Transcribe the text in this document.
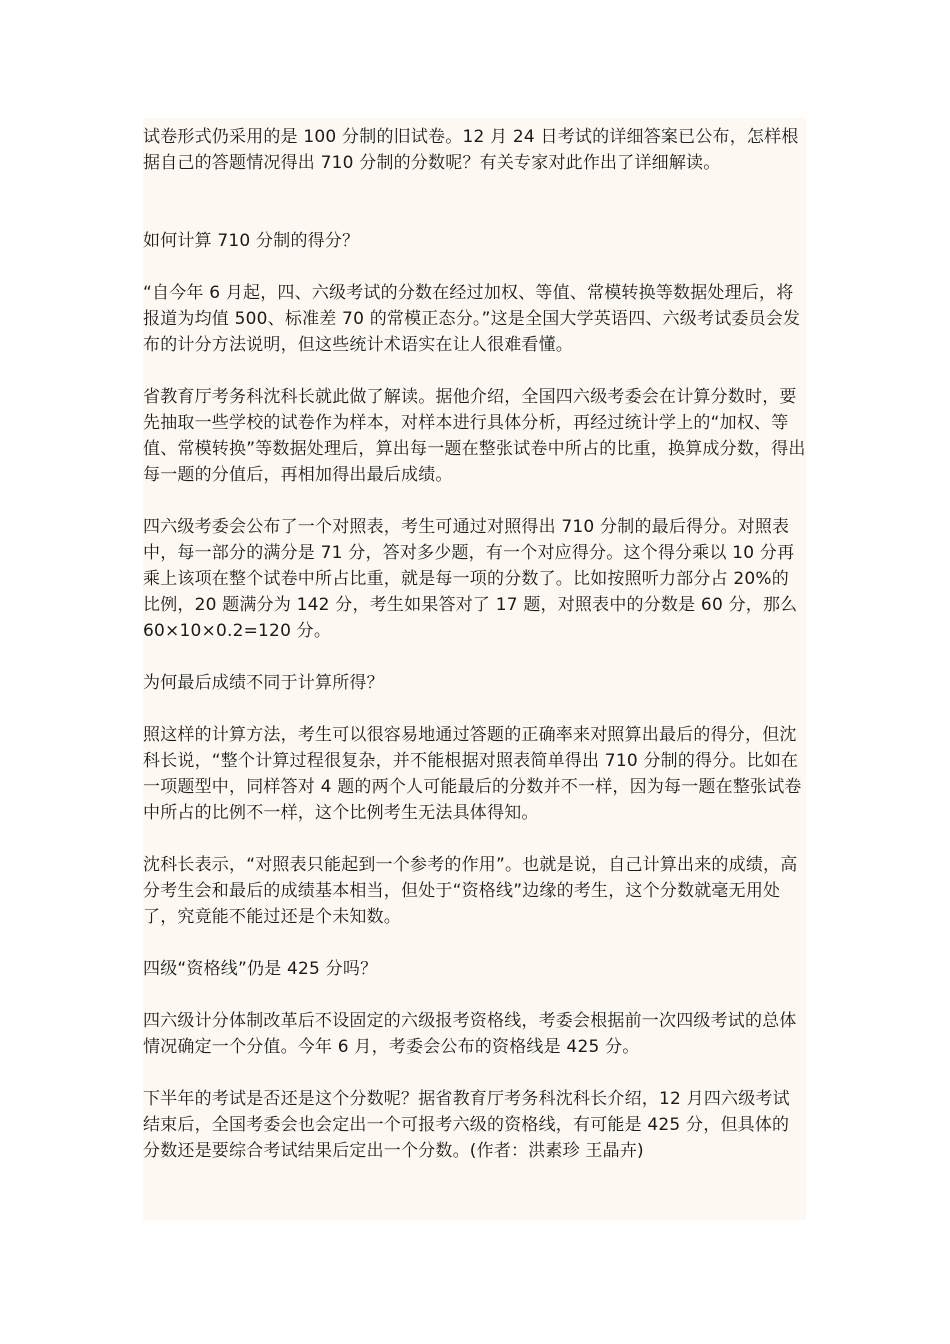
试卷形式仍采用的是 100 分制的旧试卷。12 月 24 日考试的详细答案已公布，怎样根据自己的答题情况得出 710 分制的分数呢？有关专家对此作出了详细解读。

如何计算 710 分制的得分？

“自今年 6 月起，四、六级考试的分数在经过加权、等值、常模转换等数据处理后，将报道为均值 500、标准差 70 的常模正态分。”这是全国大学英语四、六级考试委员会发布的计分方法说明，但这些统计术语实在让人很难看懂。

省教育厅考务科沈科长就此做了解读。据他介绍，全国四六级考委会在计算分数时，要先抽取一些学校的试卷作为样本，对样本进行具体分析，再经过统计学上的“加权、等值、常模转换”等数据处理后，算出每一题在整张试卷中所占的比重，换算成分数，得出每一题的分值后，再相加得出最后成绩。

四六级考委会公布了一个对照表，考生可通过对照得出 710 分制的最后得分。对照表中，每一部分的满分是 71 分，答对多少题，有一个对应得分。这个得分乘以 10 分再乘上该项在整个试卷中所占比重，就是每一项的分数了。比如按照听力部分占 20%的比例，20 题满分为 142 分，考生如果答对了 17 题，对照表中的分数是 60 分，那么 60×10×0.2=120 分。

为何最后成绩不同于计算所得？

照这样的计算方法，考生可以很容易地通过答题的正确率来对照算出最后的得分，但沈科长说，“整个计算过程很复杂，并不能根据对照表简单得出 710 分制的得分。比如在一项题型中，同样答对 4 题的两个人可能最后的分数并不一样，因为每一题在整张试卷中所占的比例不一样，这个比例考生无法具体得知。

沈科长表示，“对照表只能起到一个参考的作用”。也就是说，自己计算出来的成绩，高分考生会和最后的成绩基本相当，但处于“资格线”边缘的考生，这个分数就毫无用处了，究竟能不能过还是个未知数。

四级“资格线”仍是 425 分吗？

四六级计分体制改革后不设固定的六级报考资格线，考委会根据前一次四级考试的总体情况确定一个分值。今年 6 月，考委会公布的资格线是 425 分。

下半年的考试是否还是这个分数呢？据省教育厅考务科沈科长介绍，12 月四六级考试结束后，全国考委会也会定出一个可报考六级的资格线，有可能是 425 分，但具体的分数还是要综合考试结果后定出一个分数。(作者：洪素珍 王晶卉)
